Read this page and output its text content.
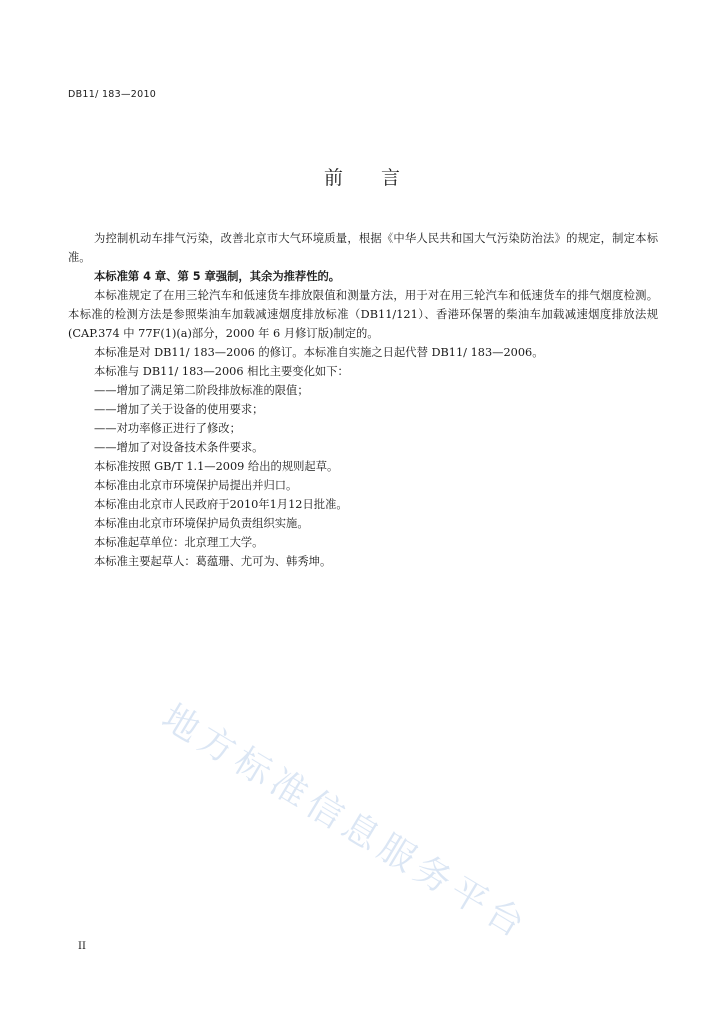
DB11/ 183—2010
前言

为控制机动车排气污染，改善北京市大气环境质量，根据《中华人民共和国大气污染防治法》的规定，制定本标准。

本标准第 4 章、第 5 章强制，其余为推荐性的。

本标准规定了在用三轮汽车和低速货车排放限值和测量方法，用于对在用三轮汽车和低速货车的排气烟度检测。本标准的检测方法是参照柴油车加载减速烟度排放标准（DB11/121）、香港环保署的柴油车加载减速烟度排放法规(CAP.374 中 77F(1)(a)部分，2000 年 6 月修订版)制定的。

本标准是对 DB11/ 183—2006 的修订。本标准自实施之日起代替 DB11/ 183—2006。

本标准与 DB11/ 183—2006 相比主要变化如下：

——增加了满足第二阶段排放标准的限值；

——增加了关于设备的使用要求；

——对功率修正进行了修改；

——增加了对设备技术条件要求。

本标准按照 GB/T 1.1—2009 给出的规则起草。

本标准由北京市环境保护局提出并归口。

本标准由北京市人民政府于2010年1月12日批准。

本标准由北京市环境保护局负责组织实施。

本标准起草单位：北京理工大学。

本标准主要起草人：葛蕴珊、尤可为、韩秀坤。

地方标准信息服务平台
II
